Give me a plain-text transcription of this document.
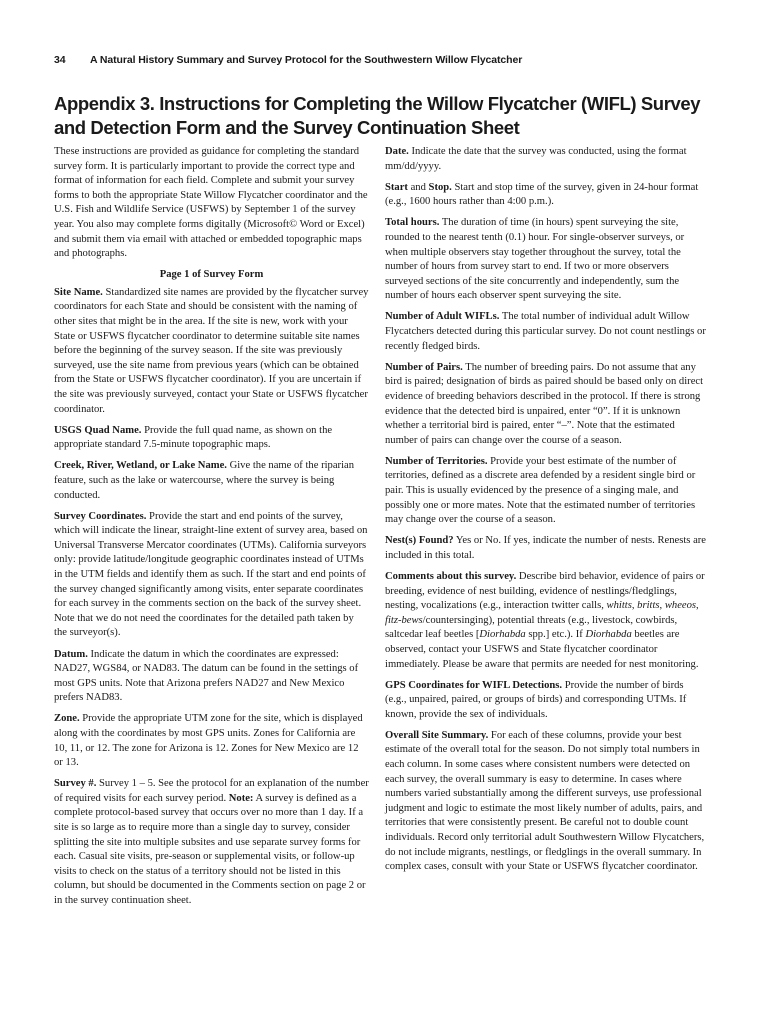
34 A Natural History Summary and Survey Protocol for the Southwestern Willow Flycatcher
Appendix 3. Instructions for Completing the Willow Flycatcher (WIFL) Survey
and Detection Form and the Survey Continuation Sheet

These instructions are provided as guidance for completing the standard survey form. It is particularly important to provide the correct type and format of information for each field. Complete and submit your survey forms to both the appropriate State Willow Flycatcher coordinator and the U.S. Fish and Wildlife Service (USFWS) by September 1 of the survey year. You also may complete forms digitally (Microsoft© Word or Excel) and submit them via email with attached or embedded topographic maps and photographs.

Page 1 of Survey Form

Site Name. Standardized site names are provided by the flycatcher survey coordinators for each State and should be consistent with the naming of other sites that might be in the area. If the site is new, work with your State or USFWS flycatcher coordinator to determine suitable site names before the beginning of the survey season. If the site was previously surveyed, use the site name from previous years (which can be obtained from the State or USFWS flycatcher coordinator). If you are uncertain if the site was previously surveyed, contact your State or USFWS flycatcher coordinator.

USGS Quad Name. Provide the full quad name, as shown on the appropriate standard 7.5-minute topographic maps.

Creek, River, Wetland, or Lake Name. Give the name of the riparian feature, such as the lake or watercourse, where the survey is being conducted.

Survey Coordinates. Provide the start and end points of the survey, which will indicate the linear, straight-line extent of survey area, based on Universal Transverse Mercator coordinates (UTMs). California surveyors only: provide latitude/longitude geographic coordinates instead of UTMs in the UTM fields and identify them as such. If the start and end points of the survey changed significantly among visits, enter separate coordinates for each survey in the comments section on the back of the survey sheet. Note that we do not need the coordinates for the detailed path taken by the surveyor(s).

Datum. Indicate the datum in which the coordinates are expressed: NAD27, WGS84, or NAD83. The datum can be found in the settings of most GPS units. Note that Arizona prefers NAD27 and New Mexico prefers NAD83.

Zone. Provide the appropriate UTM zone for the site, which is displayed along with the coordinates by most GPS units. Zones for California are 10, 11, or 12. The zone for Arizona is 12. Zones for New Mexico are 12 or 13.

Survey #. Survey 1 – 5. See the protocol for an explanation of the number of required visits for each survey period. Note: A survey is defined as a complete protocol-based survey that occurs over no more than 1 day. If a site is so large as to require more than a single day to survey, consider splitting the site into multiple subsites and use separate survey forms for each. Casual site visits, pre-season or supplemental visits, or follow-up visits to check on the status of a territory should not be listed in this column, but should be documented in the Comments section on page 2 or in the survey continuation sheet.

Date. Indicate the date that the survey was conducted, using the format mm/dd/yyyy.

Start and Stop. Start and stop time of the survey, given in 24-hour format (e.g., 1600 hours rather than 4:00 p.m.).

Total hours. The duration of time (in hours) spent surveying the site, rounded to the nearest tenth (0.1) hour. For single-observer surveys, or when multiple observers stay together throughout the survey, total the number of hours from survey start to end. If two or more observers surveyed sections of the site concurrently and independently, sum the number of hours each observer spent surveying the site.

Number of Adult WIFLs. The total number of individual adult Willow Flycatchers detected during this particular survey. Do not count nestlings or recently fledged birds.

Number of Pairs. The number of breeding pairs. Do not assume that any bird is paired; designation of birds as paired should be based only on direct evidence of breeding behaviors described in the protocol. If there is strong evidence that the detected bird is unpaired, enter “0”. If it is unknown whether a territorial bird is paired, enter “–”. Note that the estimated number of pairs can change over the course of a season.

Number of Territories. Provide your best estimate of the number of territories, defined as a discrete area defended by a resident single bird or pair. This is usually evidenced by the presence of a singing male, and possibly one or more mates. Note that the estimated number of territories may change over the course of a season.

Nest(s) Found? Yes or No. If yes, indicate the number of nests. Renests are included in this total.

Comments about this survey. Describe bird behavior, evidence of pairs or breeding, evidence of nest building, evidence of nestlings/fledglings, nesting, vocalizations (e.g., interaction twitter calls, whitts, britts, wheeos, fitz-bews/countersinging), potential threats (e.g., livestock, cowbirds, saltcedar leaf beetles [Diorhabda spp.] etc.). If Diorhabda beetles are observed, contact your USFWS and State flycatcher coordinator immediately. Please be aware that permits are needed for nest monitoring.

GPS Coordinates for WIFL Detections. Provide the number of birds (e.g., unpaired, paired, or groups of birds) and corresponding UTMs. If known, provide the sex of individuals.

Overall Site Summary. For each of these columns, provide your best estimate of the overall total for the season. Do not simply total numbers in each column. In some cases where consistent numbers were detected on each survey, the overall summary is easy to determine. In cases where numbers varied substantially among the different surveys, use professional judgment and logic to estimate the most likely number of adults, pairs, and territories that were consistently present. Be careful not to double count individuals. Record only territorial adult Southwestern Willow Flycatchers, do not include migrants, nestlings, or fledglings in the overall summary. In complex cases, consult with your State or USFWS flycatcher coordinator.
